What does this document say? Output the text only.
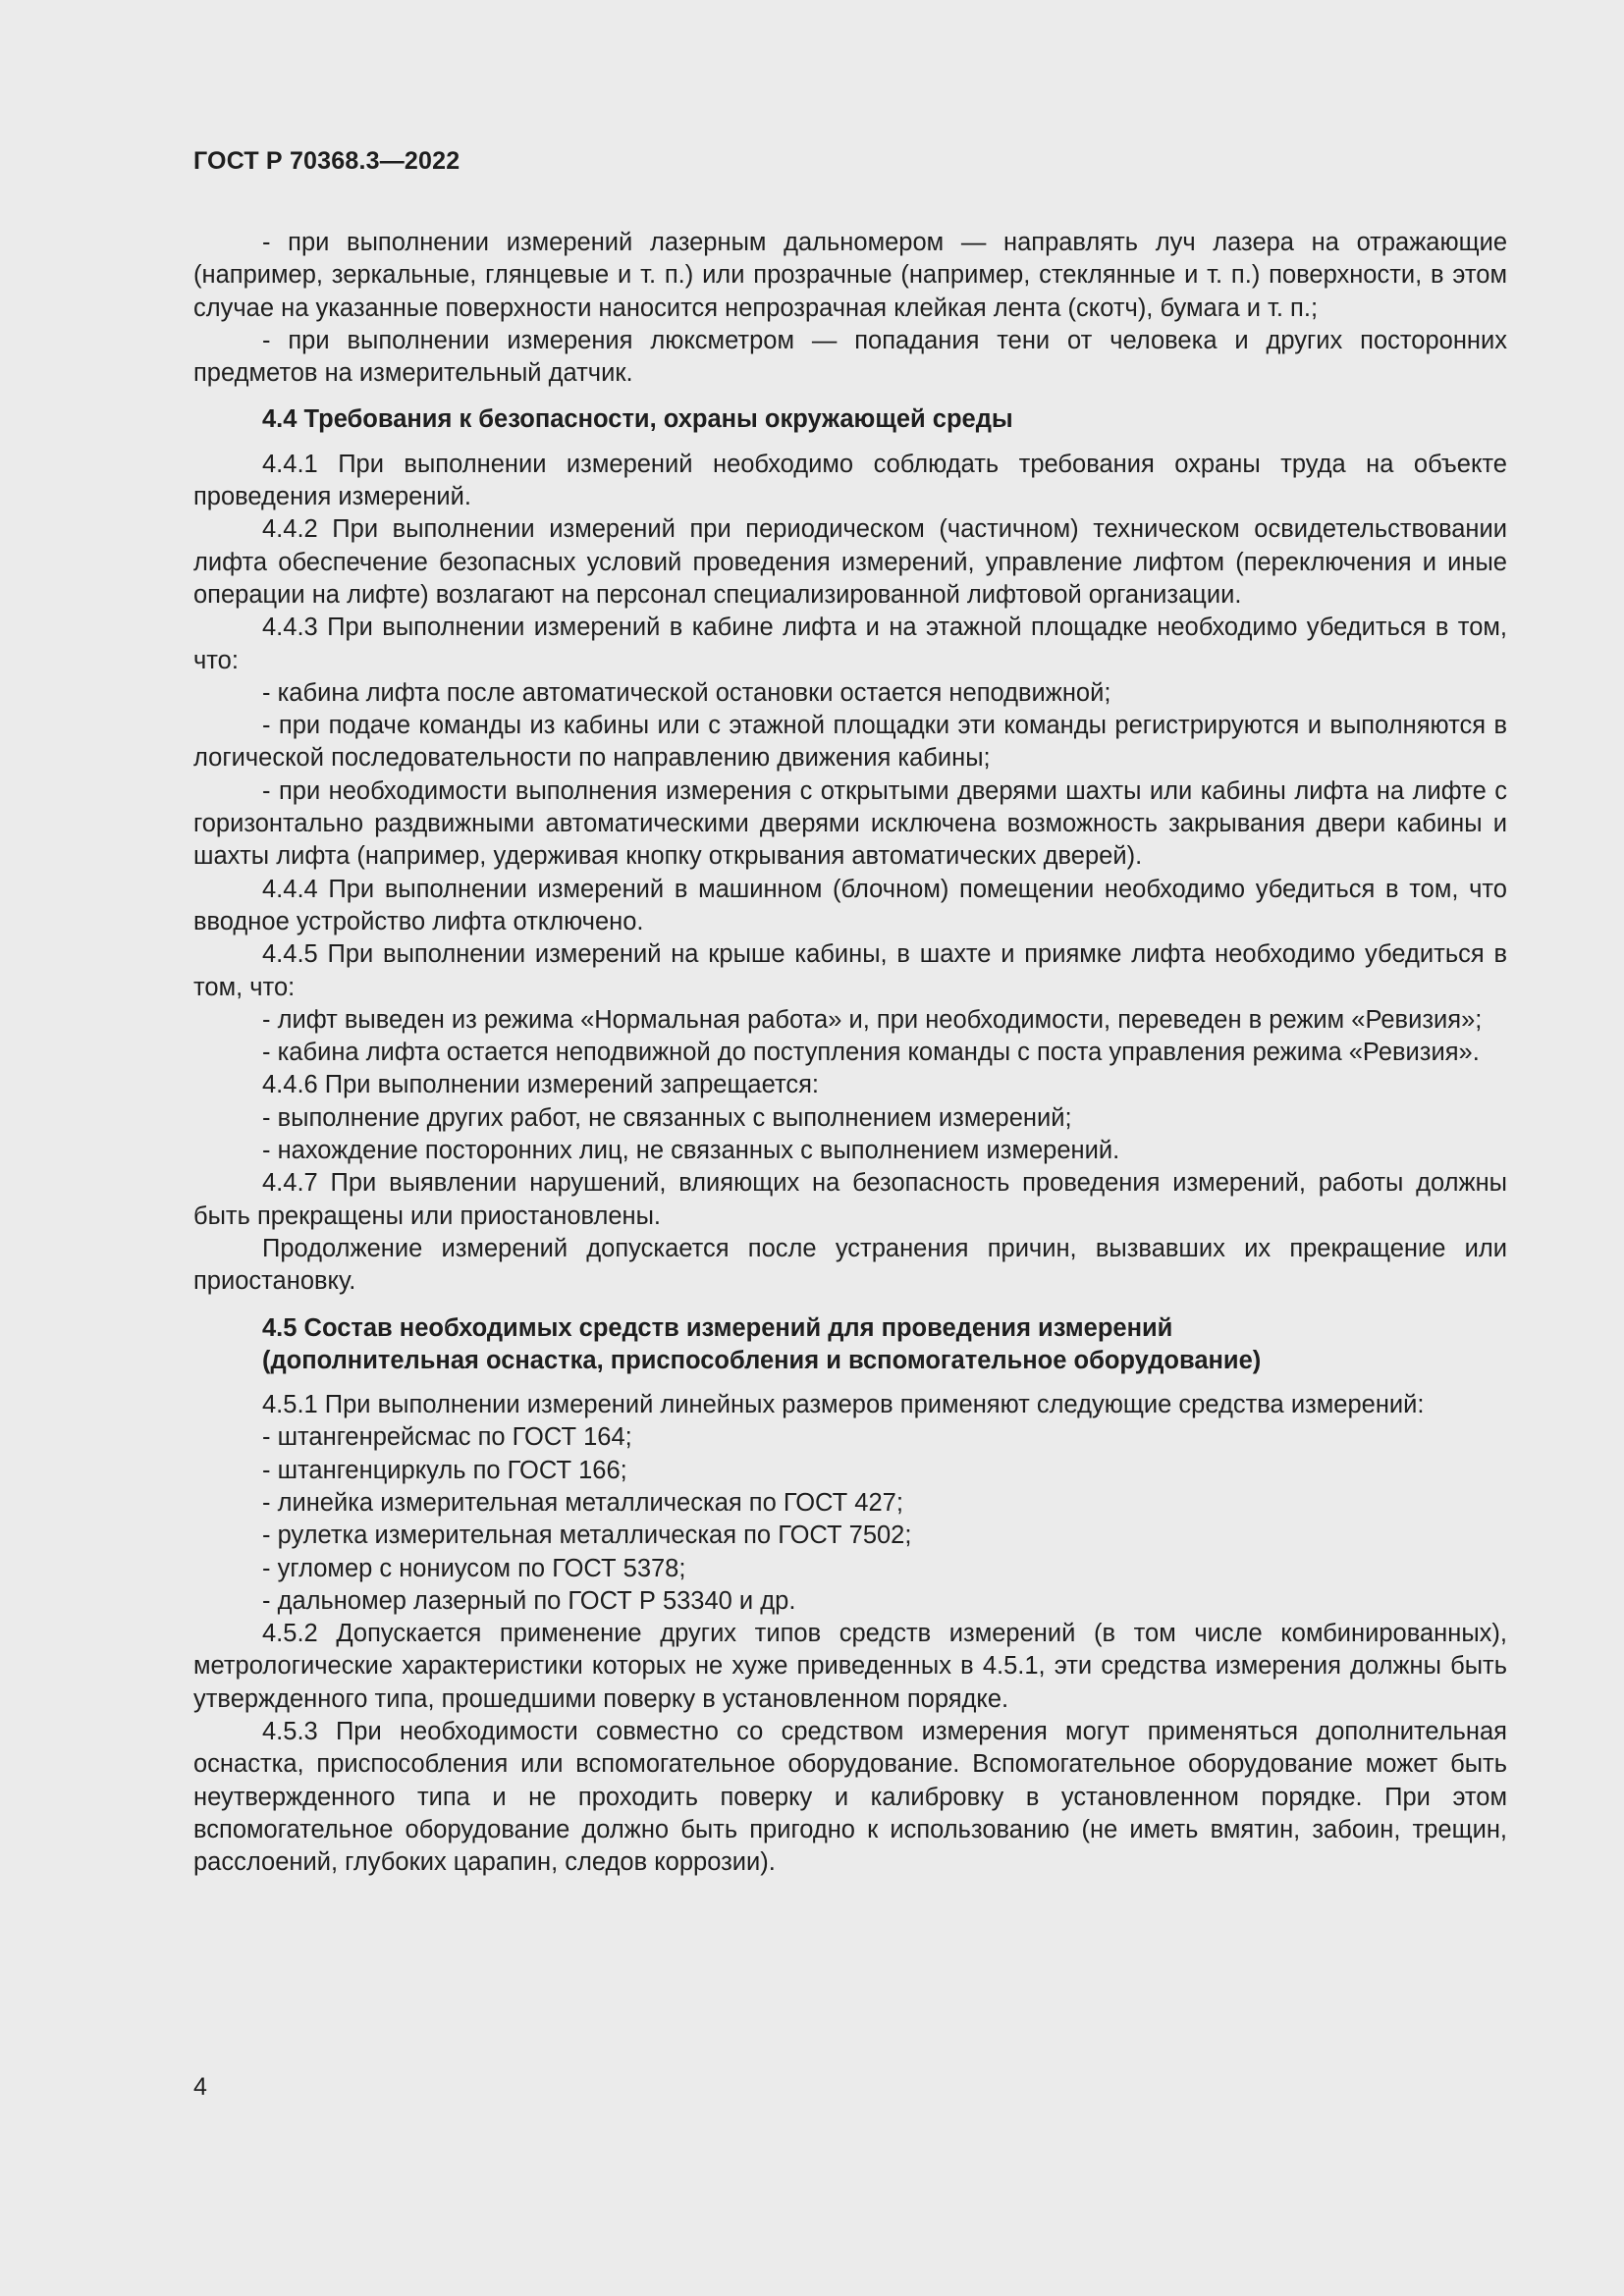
ГОСТ Р 70368.3—2022

- при выполнении измерений лазерным дальномером — направлять луч лазера на отражающие (например, зеркальные, глянцевые и т. п.) или прозрачные (например, стеклянные и т. п.) поверхности, в этом случае на указанные поверхности наносится непрозрачная клейкая лента (скотч), бумага и т. п.;

- при выполнении измерения люксметром — попадания тени от человека и других посторонних предметов на измерительный датчик.

4.4 Требования к безопасности, охраны окружающей среды

4.4.1 При выполнении измерений необходимо соблюдать требования охраны труда на объекте проведения измерений.

4.4.2 При выполнении измерений при периодическом (частичном) техническом освидетельствовании лифта обеспечение безопасных условий проведения измерений, управление лифтом (переключения и иные операции на лифте) возлагают на персонал специализированной лифтовой организации.

4.4.3 При выполнении измерений в кабине лифта и на этажной площадке необходимо убедиться в том, что:

- кабина лифта после автоматической остановки остается неподвижной;

- при подаче команды из кабины или с этажной площадки эти команды регистрируются и выполняются в логической последовательности по направлению движения кабины;

- при необходимости выполнения измерения с открытыми дверями шахты или кабины лифта на лифте с горизонтально раздвижными автоматическими дверями исключена возможность закрывания двери кабины и шахты лифта (например, удерживая кнопку открывания автоматических дверей).

4.4.4 При выполнении измерений в машинном (блочном) помещении необходимо убедиться в том, что вводное устройство лифта отключено.

4.4.5 При выполнении измерений на крыше кабины, в шахте и приямке лифта необходимо убедиться в том, что:

- лифт выведен из режима «Нормальная работа» и, при необходимости, переведен в режим «Ревизия»;

- кабина лифта остается неподвижной до поступления команды с поста управления режима «Ревизия».

4.4.6 При выполнении измерений запрещается:

- выполнение других работ, не связанных с выполнением измерений;

- нахождение посторонних лиц, не связанных с выполнением измерений.

4.4.7 При выявлении нарушений, влияющих на безопасность проведения измерений, работы должны быть прекращены или приостановлены.

Продолжение измерений допускается после устранения причин, вызвавших их прекращение или приостановку.

4.5 Состав необходимых средств измерений для проведения измерений
(дополнительная оснастка, приспособления и вспомогательное оборудование)

4.5.1 При выполнении измерений линейных размеров применяют следующие средства измерений:

- штангенрейсмас по ГОСТ 164;

- штангенциркуль по ГОСТ 166;

- линейка измерительная металлическая по ГОСТ 427;

- рулетка измерительная металлическая по ГОСТ 7502;

- угломер с нониусом по ГОСТ 5378;

- дальномер лазерный по ГОСТ Р 53340 и др.

4.5.2 Допускается применение других типов средств измерений (в том числе комбинированных), метрологические характеристики которых не хуже приведенных в 4.5.1, эти средства измерения должны быть утвержденного типа, прошедшими поверку в установленном порядке.

4.5.3 При необходимости совместно со средством измерения могут применяться дополнительная оснастка, приспособления или вспомогательное оборудование. Вспомогательное оборудование может быть неутвержденного типа и не проходить поверку и калибровку в установленном порядке. При этом вспомогательное оборудование должно быть пригодно к использованию (не иметь вмятин, забоин, трещин, расслоений, глубоких царапин, следов коррозии).

4
